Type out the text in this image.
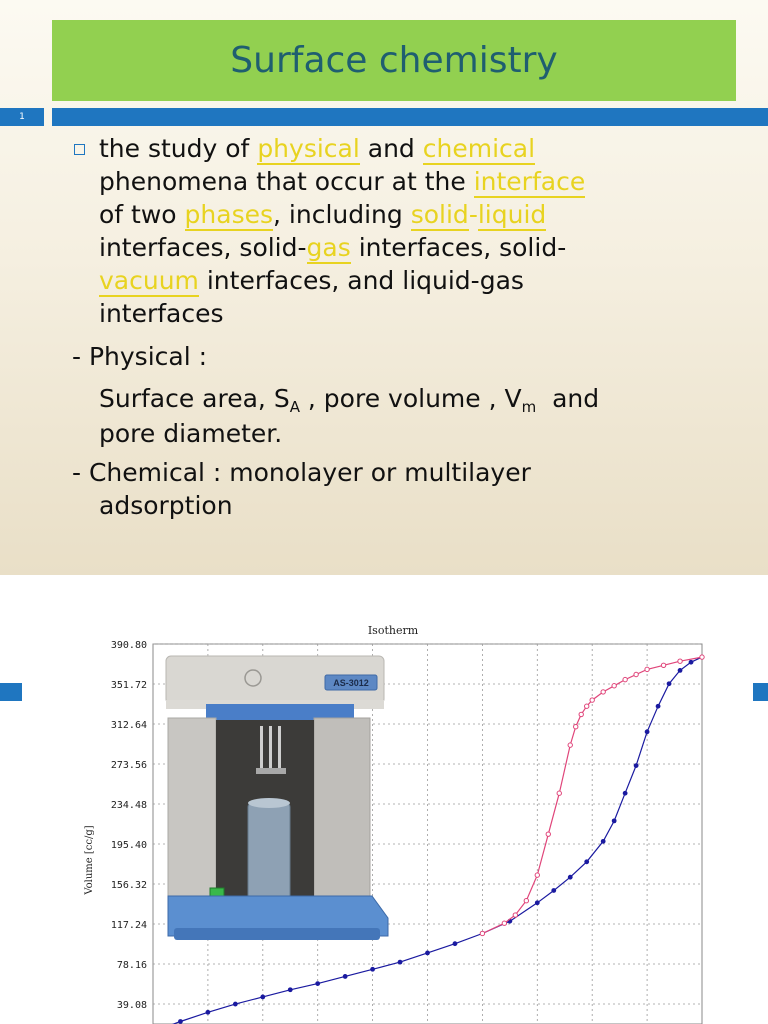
Surface chemistry
1
the study of physical and chemical
phenomena that occur at the interface
of two phases, including solid-liquid
interfaces, solid-gas interfaces, solid-
vacuum interfaces, and liquid-gas
interfaces
- Physical :
Surface area, $S_A$ , pore volume , $V_m$  and
pore diameter.
- Chemical : monolayer or multilayer
adsorption
390.80
351.72
312.64
273.56
234.48
195.40
156.32
117.24
78.16
39.08
Isotherm
Volume [cc/g]
AS-3012
